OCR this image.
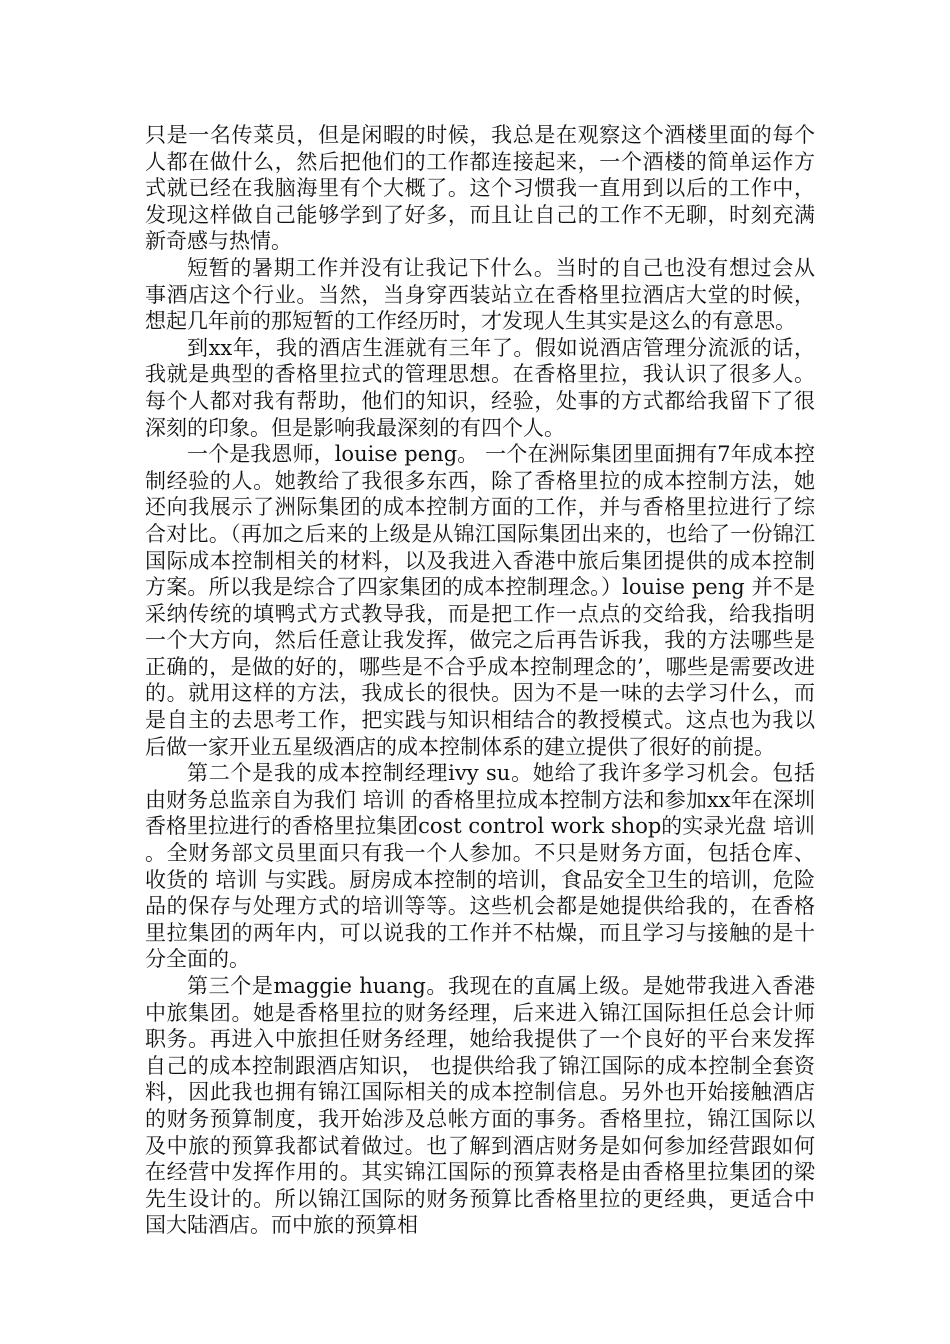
只是一名传菜员，但是闲暇的时候，我总是在观察这个酒楼里面的每个人都在做什么，然后把他们的工作都连接起来，一个酒楼的简单运作方式就已经在我脑海里有个大概了。这个习惯我一直用到以后的工作中，发现这样做自己能够学到了好多，而且让自己的工作不无聊，时刻充满新奇感与热情。

短暂的暑期工作并没有让我记下什么。当时的自己也没有想过会从事酒店这个行业。当然，当身穿西装站立在香格里拉酒店大堂的时候，想起几年前的那短暂的工作经历时，才发现人生其实是这么的有意思。

到xx年，我的酒店生涯就有三年了。假如说酒店管理分流派的话，我就是典型的香格里拉式的管理思想。在香格里拉，我认识了很多人。每个人都对我有帮助，他们的知识，经验，处事的方式都给我留下了很深刻的印象。但是影响我最深刻的有四个人。

一个是我恩师，louise peng。 一个在洲际集团里面拥有7年成本控制经验的人。她教给了我很多东西，除了香格里拉的成本控制方法，她还向我展示了洲际集团的成本控制方面的工作，并与香格里拉进行了综合对比。（再加之后来的上级是从锦江国际集团出来的，也给了一份锦江国际成本控制相关的材料，以及我进入香港中旅后集团提供的成本控制方案。所以我是综合了四家集团的成本控制理念。）louise peng 并不是采纳传统的填鸭式方式教导我，而是把工作一点点的交给我，给我指明一个大方向，然后任意让我发挥，做完之后再告诉我，我的方法哪些是正确的，是做的好的，哪些是不合乎成本控制理念的’，哪些是需要改进的。就用这样的方法，我成长的很快。因为不是一味的去学习什么，而是自主的去思考工作，把实践与知识相结合的教授模式。这点也为我以后做一家开业五星级酒店的成本控制体系的建立提供了很好的前提。

第二个是我的成本控制经理ivy su。她给了我许多学习机会。包括由财务总监亲自为我们 培训 的香格里拉成本控制方法和参加xx年在深圳香格里拉进行的香格里拉集团cost control work shop的实录光盘 培训 。全财务部文员里面只有我一个人参加。不只是财务方面，包括仓库、收货的 培训 与实践。厨房成本控制的培训，食品安全卫生的培训，危险品的保存与处理方式的培训等等。这些机会都是她提供给我的，在香格里拉集团的两年内，可以说我的工作并不枯燥，而且学习与接触的是十分全面的。

第三个是maggie huang。我现在的直属上级。是她带我进入香港中旅集团。她是香格里拉的财务经理，后来进入锦江国际担任总会计师职务。再进入中旅担任财务经理，她给我提供了一个良好的平台来发挥自己的成本控制跟酒店知识， 也提供给我了锦江国际的成本控制全套资料，因此我也拥有锦江国际相关的成本控制信息。另外也开始接触酒店的财务预算制度，我开始涉及总帐方面的事务。香格里拉，锦江国际以及中旅的预算我都试着做过。也了解到酒店财务是如何参加经营跟如何在经营中发挥作用的。其实锦江国际的预算表格是由香格里拉集团的梁先生设计的。所以锦江国际的财务预算比香格里拉的更经典，更适合中国大陆酒店。而中旅的预算相
